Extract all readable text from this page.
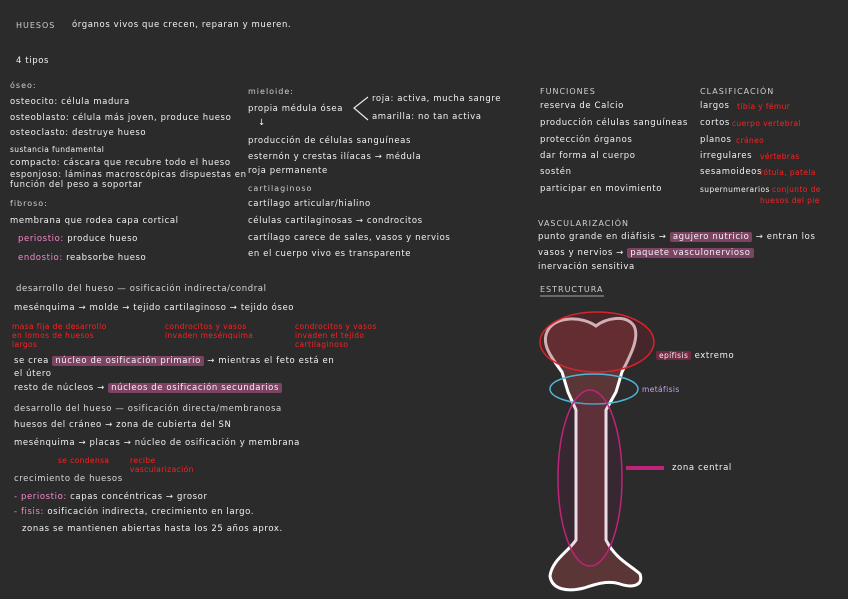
HUESOS órganos vivos que crecen, reparan y mueren.
4 tipos
óseo:
osteocito: célula madura
osteoblasto: célula más joven, produce hueso
osteoclasto: destruye hueso
sustancia fundamental
compacto: cáscara que recubre todo el hueso
esponjoso: láminas macroscópicas dispuestas en
función del peso a soportar
fibroso:
membrana que rodea capa cortical
periostio: produce hueso
endostio: reabsorbe hueso
mieloide:
propia médula ósea
roja: activa, mucha sangre
amarilla: no tan activa
↓
producción de células sanguíneas
esternón y crestas ilíacas → médula
roja permanente
cartilaginoso
cartílago articular/hialino
células cartilaginosas → condrocitos
cartílago carece de sales, vasos y nervios
en el cuerpo vivo es transparente
desarrollo del hueso — osificación indirecta/condral
mesénquima → molde → tejido cartilaginoso → tejido óseo
masa fija de desarrollo en lomos de huesos largos
condrocitos y vasos invaden mesénquima
condrocitos y vasos invaden el tejido cartilaginoso
se crea núcleo de osificación primario → mientras el feto está en
el útero
resto de núcleos → núcleos de osificación secundarios
desarrollo del hueso — osificación directa/membranosa
huesos del cráneo → zona de cubierta del SN
mesénquima → placas → núcleo de osificación y membrana
se condensa	recibe vascularización
crecimiento de huesos
- periostio: capas concéntricas → grosor
- fisis: osificación indirecta, crecimiento en largo.
zonas se mantienen abiertas hasta los 25 años aprox.
FUNCIONES
reserva de Calcio
producción células sanguíneas
protección órganos
dar forma al cuerpo
sostén
participar en movimiento
CLASIFICACIÓN
largos tibia y fémur
cortos cuerpo vertebral
planos cráneo
irregulares vértebras
sesamoideos
rótula, patela
supernumerarios conjunto de
huesos del pie
VASCULARIZACIÓN
punto grande en diáfisis → agujero nutricio → entran los
vasos y nervios → paquete vasculonervioso
inervación sensitiva
ESTRUCTURA
epífisis extremo
metáfisis
zona central
